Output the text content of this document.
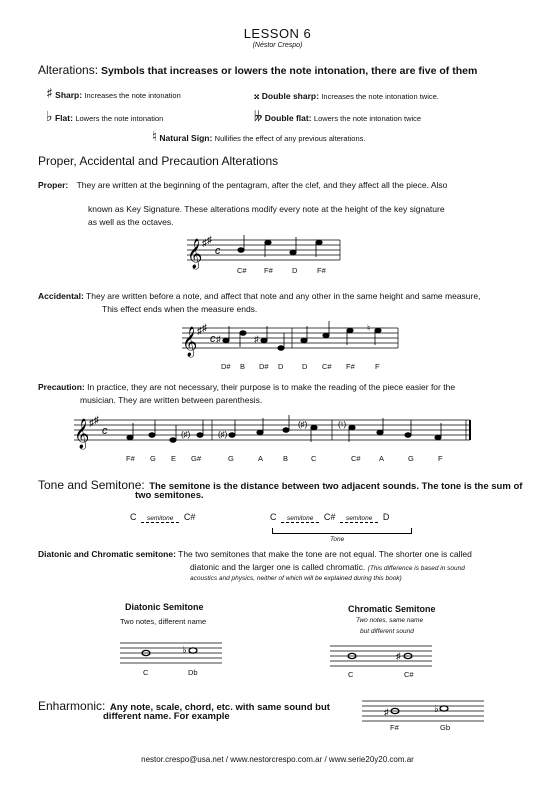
LESSON 6
(Néstor Crespo)
Alterations: Symbols that increases or lowers the note intonation, there are five of them
♯ Sharp: Increases the note intonation	𝄪 Double sharp: Increases the note intonation twice.
♭ Flat: Lowers the note intonation	𝄫 Double flat: Lowers the note intonation twice
♮ Natural Sign: Nullifies the effect of any previous alterations.
Proper, Accidental and Precaution Alterations
Proper: They are written at the beginning of the pentagram, after the clef, and they affect all the piece. Also
known as Key Signature. These alterations modify every note at the height of the key signature
as well as the octaves.
𝄞 ♯ ♯
c
C# F#	D	F#
Accidental: They are written before a note, and affect that note and any other in the same height and same measure,
This effect ends when the measure ends.
𝄞 ♯ ♯
c ♯	♯
♮
D# B D# D D C# F#	F
Precaution: In practice, they are not necessary, their purpose is to make the reading of the piece easier for the
musician. They are written between parenthesis.
𝄞 ♯ ♯
c	(♯)	(♯)
(♯)	(♮)
F# G E G#	G	A	B	C	C# A	G	F
Tone and Semitone: The semitone is the distance between two adjacent sounds. The tone is the sum of
two semitones.
C semitone C#	C semitone C# semitone D
Tone
Diatonic and Chromatic semitone: The two semitones that make the tone are not equal. The shorter one is called
diatonic and the larger one is called chromatic. (This difference is based in sound
acoustics and physics, neither of which will be explained during this book)
Diatonic Semitone
Two notes, different name
♭
C	Db
Chromatic Semitone
Two notes, same name
but different sound
♯
C	C#
Enharmonic: Any note, scale, chord, etc. with same sound but
different name. For example	♯	♭
F#	Gb
nestor.crespo@usa.net / www.nestorcrespo.com.ar / www.serie20y20.com.ar
